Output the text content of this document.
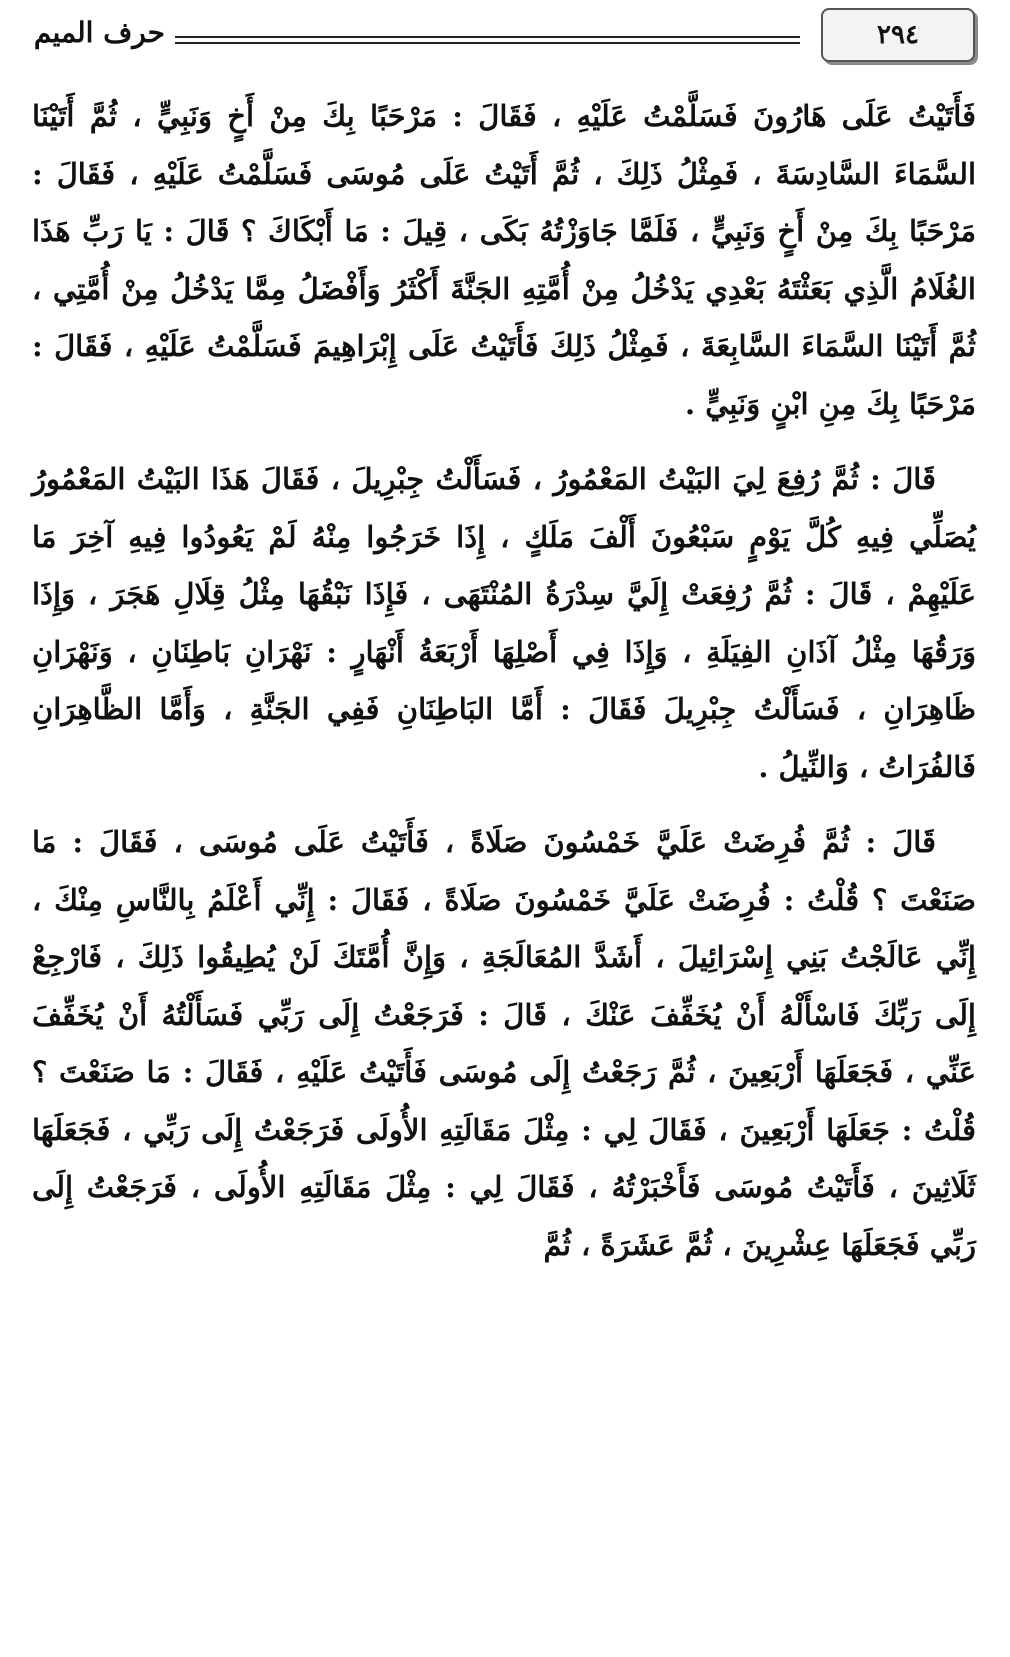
٢٩٤
حرف الميم

فَأَتَيْتُ عَلَى هَارُونَ فَسَلَّمْتُ عَلَيْهِ ، فَقَالَ : مَرْحَبًا بِكَ مِنْ أَخٍ وَنَبِيٍّ ، ثُمَّ أَتَيْنَا السَّمَاءَ السَّادِسَةَ ، فَمِثْلُ ذَلِكَ ، ثُمَّ أَتَيْتُ عَلَى مُوسَى فَسَلَّمْتُ عَلَيْهِ ، فَقَالَ : مَرْحَبًا بِكَ مِنْ أَخٍ وَنَبِيٍّ ، فَلَمَّا جَاوَزْتُهُ بَكَى ، قِيلَ : مَا أَبْكَاكَ ؟ قَالَ : يَا رَبِّ هَذَا الغُلَامُ الَّذِي بَعَثْتَهُ بَعْدِي يَدْخُلُ مِنْ أُمَّتِهِ الجَنَّةَ أَكْثَرُ وَأَفْضَلُ مِمَّا يَدْخُلُ مِنْ أُمَّتِي ، ثُمَّ أَتَيْنَا السَّمَاءَ السَّابِعَةَ ، فَمِثْلُ ذَلِكَ فَأَتَيْتُ عَلَى إِبْرَاهِيمَ فَسَلَّمْتُ عَلَيْهِ ، فَقَالَ : مَرْحَبًا بِكَ مِنِ ابْنٍ وَنَبِيٍّ .

قَالَ : ثُمَّ رُفِعَ لِيَ البَيْتُ المَعْمُورُ ، فَسَأَلْتُ جِبْرِيلَ ، فَقَالَ هَذَا البَيْتُ المَعْمُورُ يُصَلِّي فِيهِ كُلَّ يَوْمٍ سَبْعُونَ أَلْفَ مَلَكٍ ، إِذَا خَرَجُوا مِنْهُ لَمْ يَعُودُوا فِيهِ آخِرَ مَا عَلَيْهِمْ ، قَالَ : ثُمَّ رُفِعَتْ إِلَيَّ سِدْرَةُ المُنْتَهَى ، فَإِذَا نَبْقُهَا مِثْلُ قِلَالِ هَجَرَ ، وَإِذَا وَرَقُهَا مِثْلُ آذَانِ الفِيَلَةِ ، وَإِذَا فِي أَصْلِهَا أَرْبَعَةُ أَنْهَارٍ : نَهْرَانِ بَاطِنَانِ ، وَنَهْرَانِ ظَاهِرَانِ ، فَسَأَلْتُ جِبْرِيلَ فَقَالَ : أَمَّا البَاطِنَانِ فَفِي الجَنَّةِ ، وَأَمَّا الظَّاهِرَانِ فَالفُرَاتُ ، وَالنِّيلُ .

قَالَ : ثُمَّ فُرِضَتْ عَلَيَّ خَمْسُونَ صَلَاةً ، فَأَتَيْتُ عَلَى مُوسَى ، فَقَالَ : مَا صَنَعْتَ ؟ قُلْتُ : فُرِضَتْ عَلَيَّ خَمْسُونَ صَلَاةً ، فَقَالَ : إِنِّي أَعْلَمُ بِالنَّاسِ مِنْكَ ، إِنِّي عَالَجْتُ بَنِي إِسْرَائِيلَ ، أَشَدَّ المُعَالَجَةِ ، وَإِنَّ أُمَّتَكَ لَنْ يُطِيقُوا ذَلِكَ ، فَارْجِعْ إِلَى رَبِّكَ فَاسْأَلْهُ أَنْ يُخَفِّفَ عَنْكَ ، قَالَ : فَرَجَعْتُ إِلَى رَبِّي فَسَأَلْتُهُ أَنْ يُخَفِّفَ عَنِّي ، فَجَعَلَهَا أَرْبَعِينَ ، ثُمَّ رَجَعْتُ إِلَى مُوسَى فَأَتَيْتُ عَلَيْهِ ، فَقَالَ : مَا صَنَعْتَ ؟ قُلْتُ : جَعَلَهَا أَرْبَعِينَ ، فَقَالَ لِي : مِثْلَ مَقَالَتِهِ الأُولَى فَرَجَعْتُ إِلَى رَبِّي ، فَجَعَلَهَا ثَلَاثِينَ ، فَأَتَيْتُ مُوسَى فَأَخْبَرْتُهُ ، فَقَالَ لِي : مِثْلَ مَقَالَتِهِ الأُولَى ، فَرَجَعْتُ إِلَى رَبِّي فَجَعَلَهَا عِشْرِينَ ، ثُمَّ عَشَرَةً ، ثُمَّ
